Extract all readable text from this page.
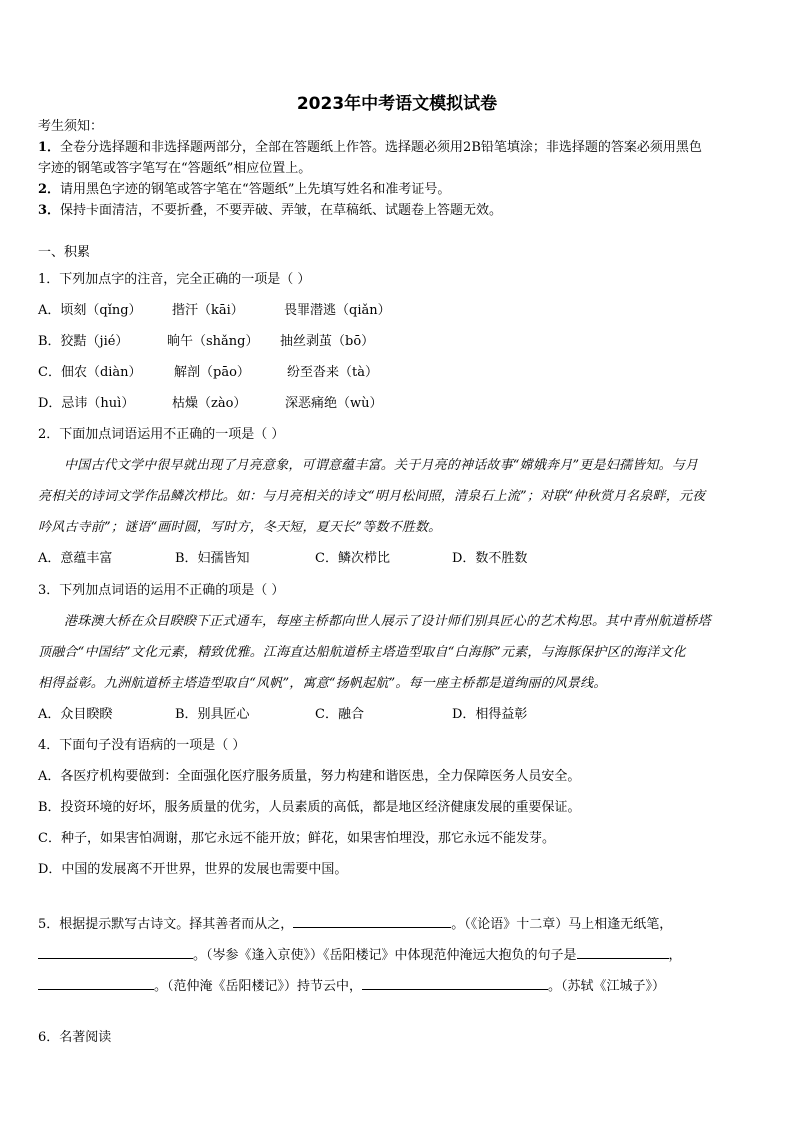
2023年中考语文模拟试卷
考生须知：
1．全卷分选择题和非选择题两部分，全部在答题纸上作答。选择题必须用2B铅笔填涂；非选择题的答案必须用黑色
字迹的钢笔或答字笔写在“答题纸”相应位置上。
2．请用黑色字迹的钢笔或答字笔在“答题纸”上先填写姓名和准考证号。
3．保持卡面清洁，不要折叠，不要弄破、弄皱，在草稿纸、试题卷上答题无效。
一、积累
1．下列加点字的注音，完全正确的一项是（ ）
A．顷刻（qǐng） 揩汗（kāi）	畏罪潜逃（qiǎn）
B．狡黠（jié）	晌午（shǎng） 抽丝剥茧（bō）
C．佃农（diàn） 解剖（pāo）	纷至沓来（tà）
D．忌讳（huì）	枯燥（zào）	深恶痛绝（wù）
2．下面加点词语运用不正确的一项是（ ）
中国古代文学中很早就出现了月亮意象，可谓意蕴丰富。关于月亮的神话故事“嫦娥奔月”更是妇孺皆知。与月
亮相关的诗词文学作品鳞次栉比。如：与月亮相关的诗文“明月松间照，清泉石上流”；对联“仲秋赏月名泉畔，元夜
吟风古寺前”；谜语“画时圆，写时方，冬天短，夏天长”等数不胜数。
A．意蕴丰富	B．妇孺皆知	C．鳞次栉比	D．数不胜数
3．下列加点词语的运用不正确的项是（ ）
港珠澳大桥在众目睽睽下正式通车，每座主桥都向世人展示了设计师们别具匠心的艺术构思。其中青州航道桥塔
顶融合“中国结”文化元素，精致优雅。江海直达船航道桥主塔造型取自“白海豚”元素，与海豚保护区的海洋文化
相得益彰。九洲航道桥主塔造型取自“风帆”，寓意“扬帆起航”。每一座主桥都是道绚丽的风景线。
A．众目睽睽	B．别具匠心	C．融合	D．相得益彰
4．下面句子没有语病的一项是（ ）
A．各医疗机构要做到：全面强化医疗服务质量，努力构建和谐医患，全力保障医务人员安全。
B．投资环境的好坏，服务质量的优劣，人员素质的高低，都是地区经济健康发展的重要保证。
C．种子，如果害怕凋谢，那它永远不能开放；鲜花，如果害怕埋没，那它永远不能发芽。
D．中国的发展离不开世界，世界的发展也需要中国。
5．根据提示默写古诗文。择其善者而从之，	。（《论语》十二章）马上相逢无纸笔，
。（岑参《逢入京使》）《岳阳楼记》中体现范仲淹远大抱负的句子是	，
。（范仲淹《岳阳楼记》）持节云中，	。（苏轼《江城子》）
6．名著阅读
